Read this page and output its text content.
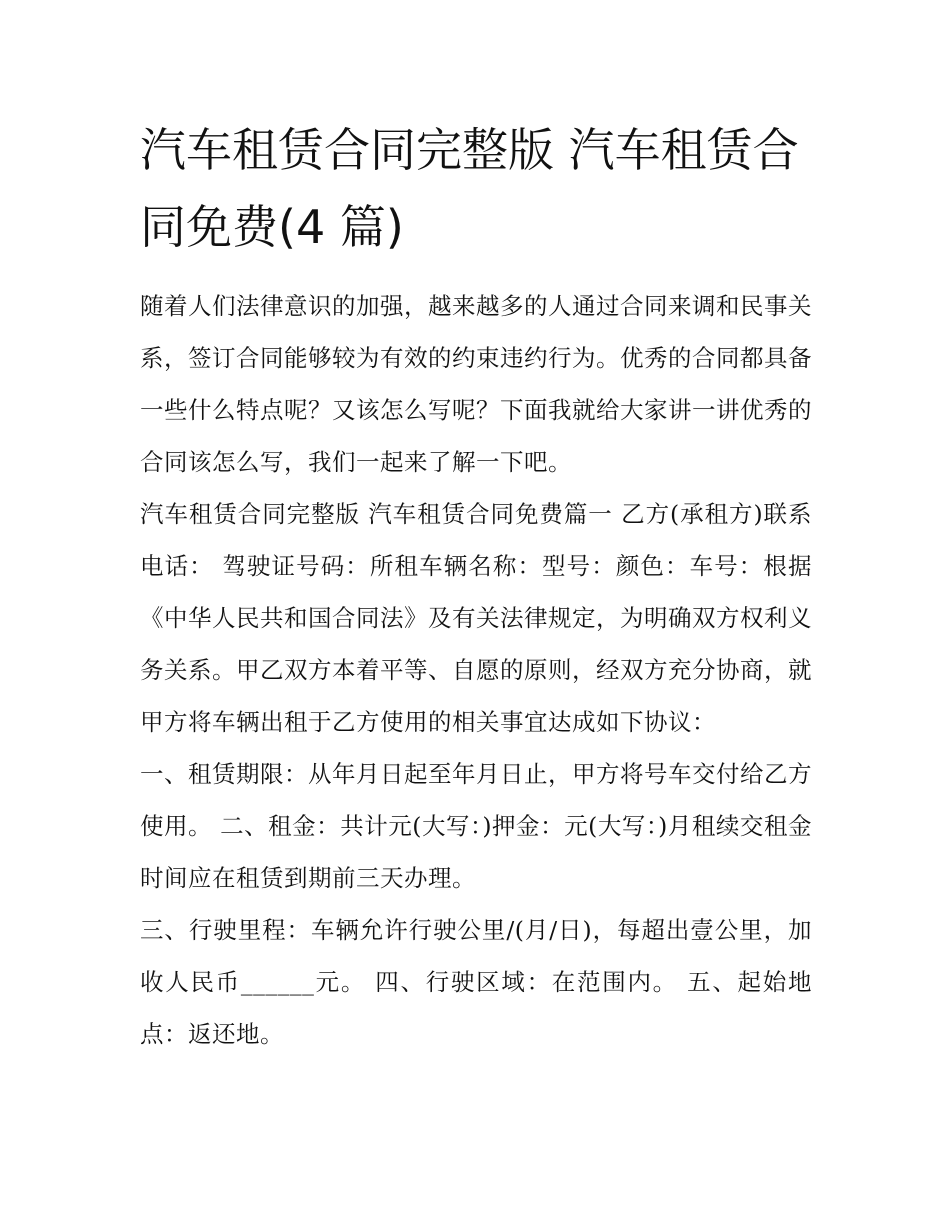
汽车租赁合同完整版 汽车租赁合同免费(4 篇)

随着人们法律意识的加强，越来越多的人通过合同来调和民事关系，签订合同能够较为有效的约束违约行为。优秀的合同都具备一些什么特点呢？又该怎么写呢？下面我就给大家讲一讲优秀的合同该怎么写，我们一起来了解一下吧。

汽车租赁合同完整版 汽车租赁合同免费篇一 乙方(承租方)联系电话： 驾驶证号码：所租车辆名称：型号：颜色：车号：根据《中华人民共和国合同法》及有关法律规定，为明确双方权利义务关系。甲乙双方本着平等、自愿的原则，经双方充分协商，就甲方将车辆出租于乙方使用的相关事宜达成如下协议：

一、租赁期限：从年月日起至年月日止，甲方将号车交付给乙方使用。 二、租金：共计元(大写：)押金：元(大写：)月租续交租金时间应在租赁到期前三天办理。

三、行驶里程：车辆允许行驶公里/(月/日)，每超出壹公里，加收人民币______元。 四、行驶区域：在范围内。 五、起始地点：返还地。
